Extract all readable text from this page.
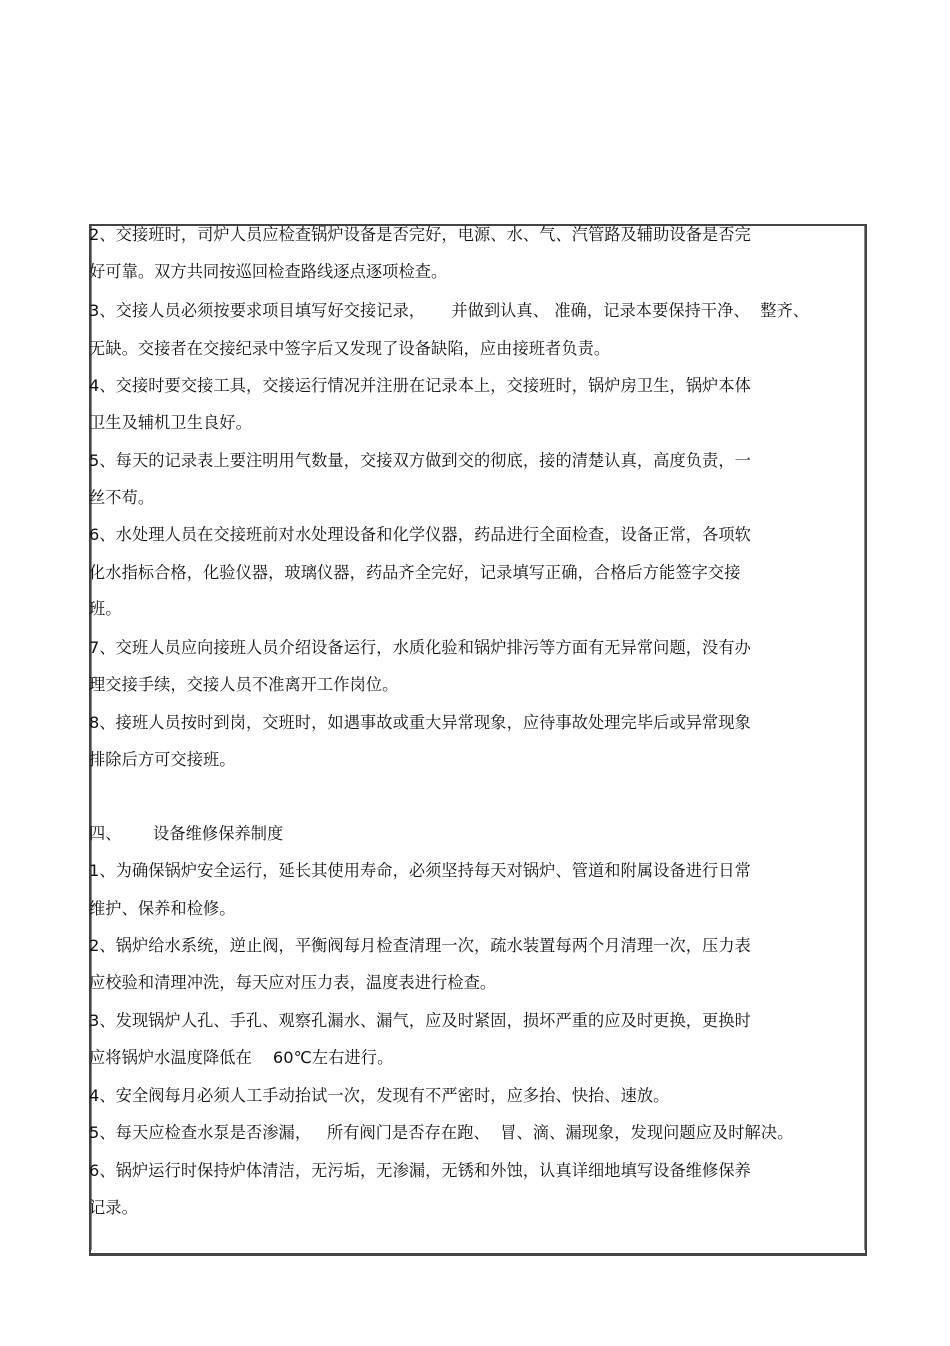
2、交接班时，司炉人员应检查锅炉设备是否完好，电源、水、气、汽管路及辅助设备是否完
好可靠。双方共同按巡回检查路线逐点逐项检查。
3、交接人员必须按要求项目填写好交接记录，     并做到认真、 准确，记录本要保持干净、  整齐、
无缺。交接者在交接纪录中签字后又发现了设备缺陷，应由接班者负责。
4、交接时要交接工具，交接运行情况并注册在记录本上，交接班时，锅炉房卫生，锅炉本体
卫生及辅机卫生良好。
5、每天的记录表上要注明用气数量，交接双方做到交的彻底，接的清楚认真，高度负责，一
丝不苟。
6、水处理人员在交接班前对水处理设备和化学仪器，药品进行全面检查，设备正常，各项软
化水指标合格，化验仪器，玻璃仪器，药品齐全完好，记录填写正确，合格后方能签字交接
班。
7、交班人员应向接班人员介绍设备运行，水质化验和锅炉排污等方面有无异常问题，没有办
理交接手续，交接人员不准离开工作岗位。
8、接班人员按时到岗，交班时，如遇事故或重大异常现象，应待事故处理完毕后或异常现象
排除后方可交接班。
四、      设备维修保养制度
1、为确保锅炉安全运行，延长其使用寿命，必须坚持每天对锅炉、管道和附属设备进行日常
维护、保养和检修。
2、锅炉给水系统，逆止阀，平衡阀每月检查清理一次，疏水装置每两个月清理一次，压力表
应校验和清理冲洗，每天应对压力表，温度表进行检查。
3、发现锅炉人孔、手孔、观察孔漏水、漏气，应及时紧固，损坏严重的应及时更换，更换时
应将锅炉水温度降低在    60℃左右进行。
4、安全阀每月必须人工手动抬试一次，发现有不严密时，应多抬、快抬、速放。
5、每天应检查水泵是否渗漏，   所有阀门是否存在跑、  冒、滴、漏现象，发现问题应及时解决。
6、锅炉运行时保持炉体清洁，无污垢，无渗漏，无锈和外蚀，认真详细地填写设备维修保养
记录。
